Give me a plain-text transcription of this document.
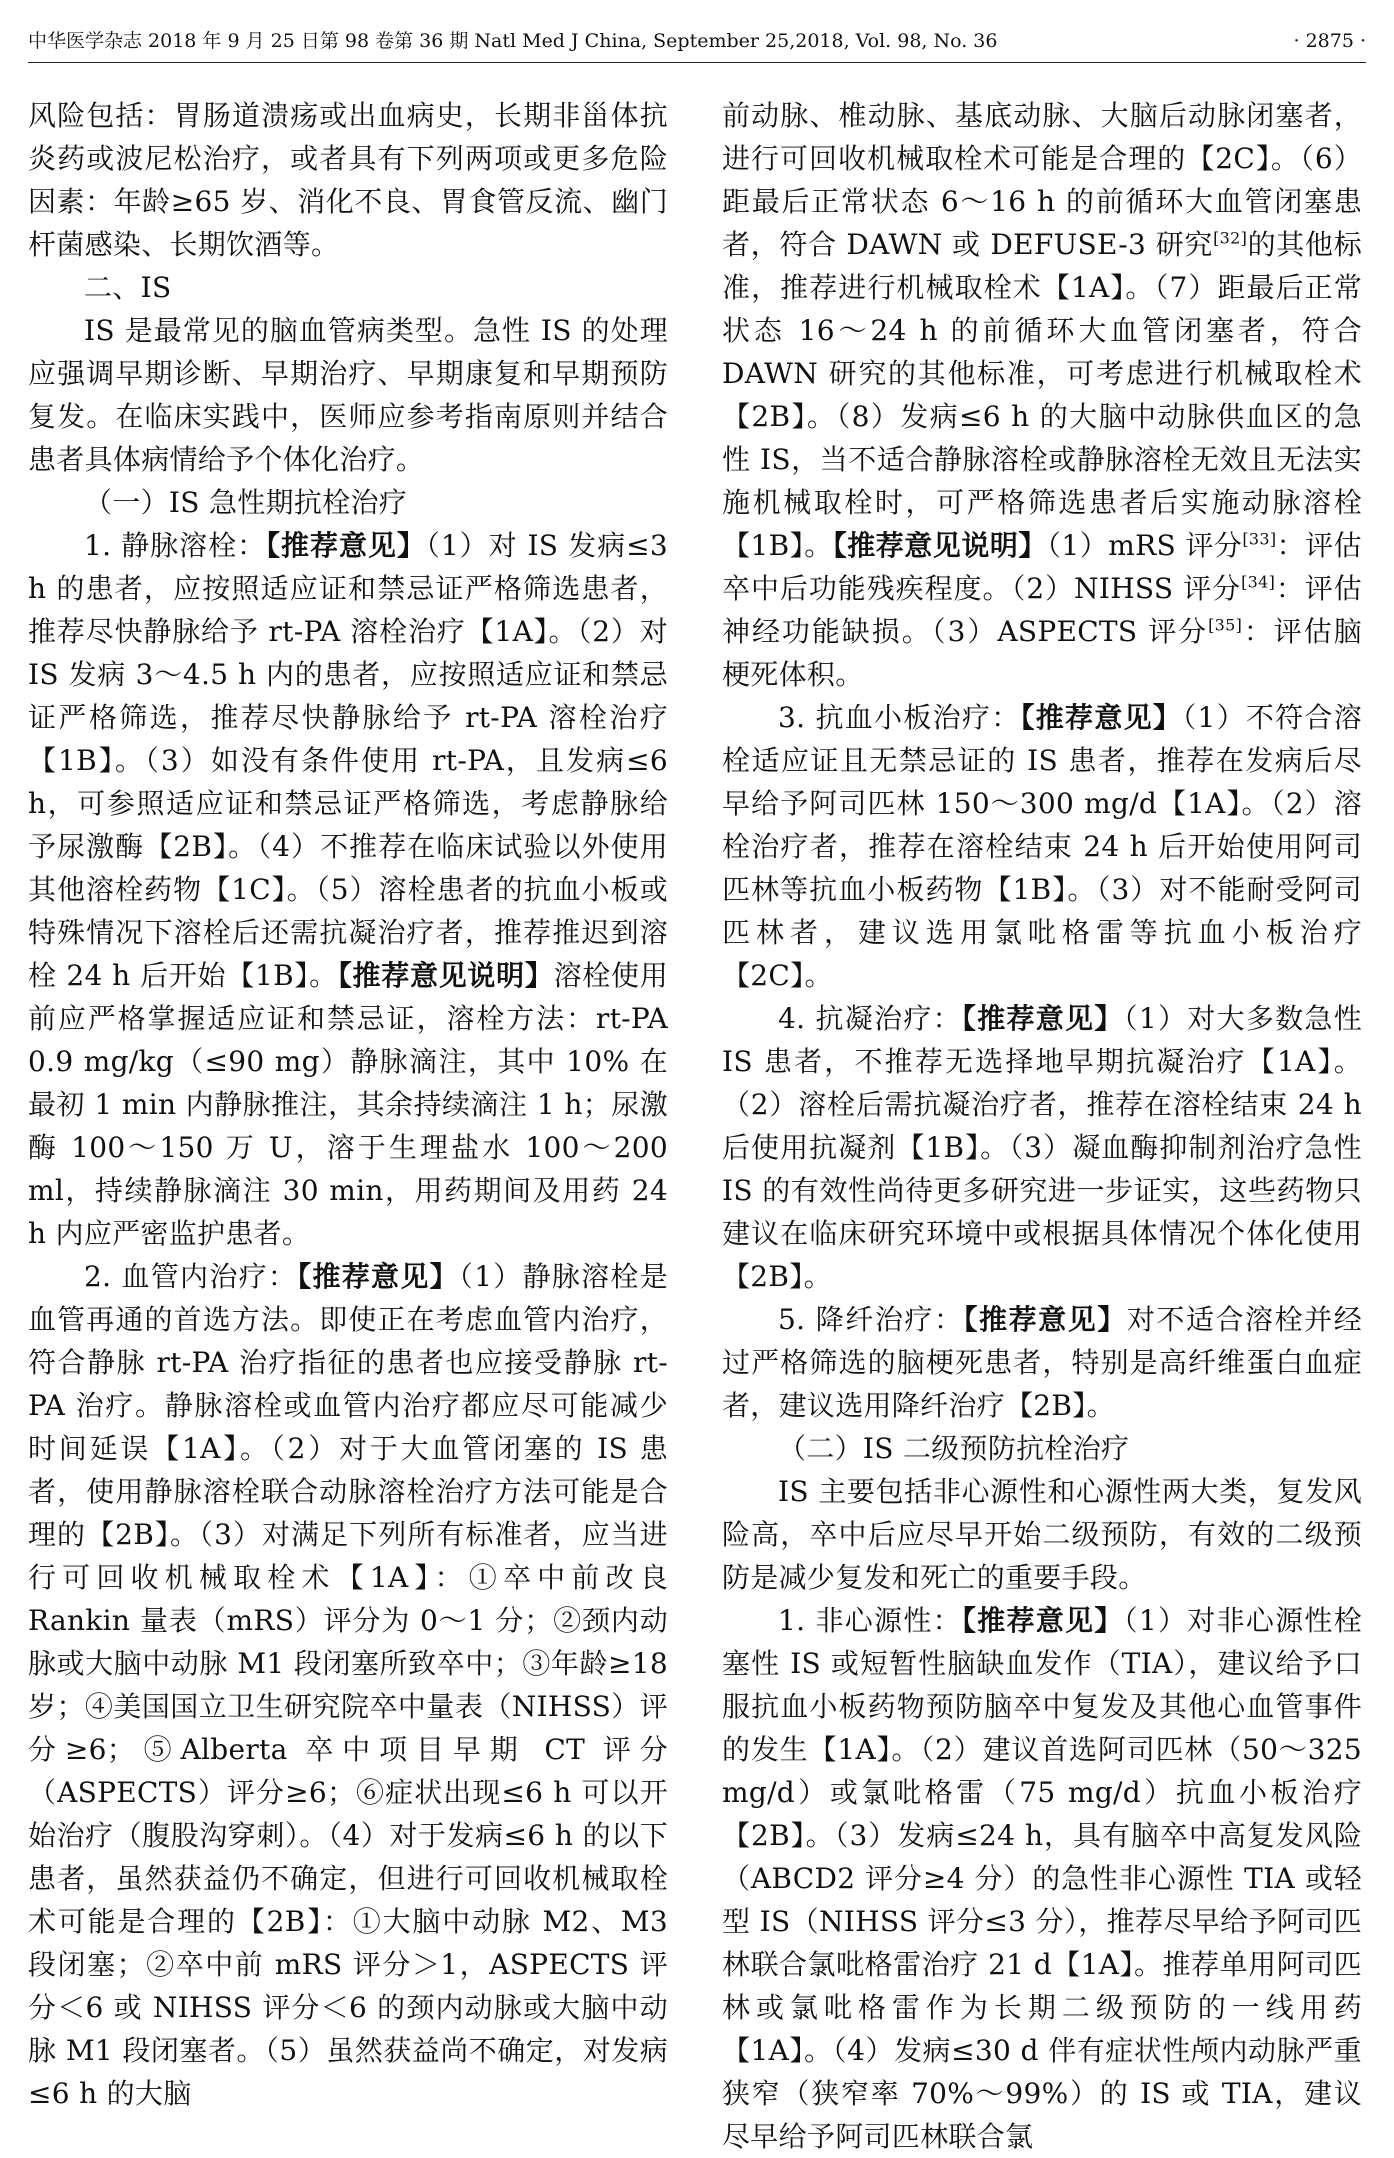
中华医学杂志 2018 年 9 月 25 日第 98 卷第 36 期 Natl Med J China, September 25,2018, Vol. 98, No. 36	· 2875 ·

风险包括：胃肠道溃疡或出血病史，长期非甾体抗炎药或波尼松治疗，或者具有下列两项或更多危险因素：年龄≥65 岁、消化不良、胃食管反流、幽门杆菌感染、长期饮酒等。

二、IS

IS 是最常见的脑血管病类型。急性 IS 的处理应强调早期诊断、早期治疗、早期康复和早期预防复发。在临床实践中，医师应参考指南原则并结合患者具体病情给予个体化治疗。

（一）IS 急性期抗栓治疗

1. 静脉溶栓：【推荐意见】（1）对 IS 发病≤3 h 的患者，应按照适应证和禁忌证严格筛选患者，推荐尽快静脉给予 rt-PA 溶栓治疗【1A】。（2）对 IS 发病 3～4.5 h 内的患者，应按照适应证和禁忌证严格筛选，推荐尽快静脉给予 rt-PA 溶栓治疗【1B】。（3）如没有条件使用 rt-PA，且发病≤6 h，可参照适应证和禁忌证严格筛选，考虑静脉给予尿激酶【2B】。（4）不推荐在临床试验以外使用其他溶栓药物【1C】。（5）溶栓患者的抗血小板或特殊情况下溶栓后还需抗凝治疗者，推荐推迟到溶栓 24 h 后开始【1B】。【推荐意见说明】溶栓使用前应严格掌握适应证和禁忌证，溶栓方法：rt-PA 0.9 mg/kg（≤90 mg）静脉滴注，其中 10% 在最初 1 min 内静脉推注，其余持续滴注 1 h；尿激酶 100～150 万 U，溶于生理盐水 100～200 ml，持续静脉滴注 30 min，用药期间及用药 24 h 内应严密监护患者。

2. 血管内治疗：【推荐意见】（1）静脉溶栓是血管再通的首选方法。即使正在考虑血管内治疗，符合静脉 rt-PA 治疗指征的患者也应接受静脉 rt-PA 治疗。静脉溶栓或血管内治疗都应尽可能减少时间延误【1A】。（2）对于大血管闭塞的 IS 患者，使用静脉溶栓联合动脉溶栓治疗方法可能是合理的【2B】。（3）对满足下列所有标准者，应当进行可回收机械取栓术【1A】：①卒中前改良 Rankin 量表（mRS）评分为 0～1 分；②颈内动脉或大脑中动脉 M1 段闭塞所致卒中；③年龄≥18 岁；④美国国立卫生研究院卒中量表（NIHSS）评分≥6；⑤Alberta 卒中项目早期 CT 评分（ASPECTS）评分≥6；⑥症状出现≤6 h 可以开始治疗（腹股沟穿刺）。（4）对于发病≤6 h 的以下患者，虽然获益仍不确定，但进行可回收机械取栓术可能是合理的【2B】：①大脑中动脉 M2、M3 段闭塞；②卒中前 mRS 评分＞1，ASPECTS 评分＜6 或 NIHSS 评分＜6 的颈内动脉或大脑中动脉 M1 段闭塞者。（5）虽然获益尚不确定，对发病≤6 h 的大脑

前动脉、椎动脉、基底动脉、大脑后动脉闭塞者，进行可回收机械取栓术可能是合理的【2C】。（6）距最后正常状态 6～16 h 的前循环大血管闭塞患者，符合 DAWN 或 DEFUSE-3 研究[32]的其他标准，推荐进行机械取栓术【1A】。（7）距最后正常状态 16～24 h 的前循环大血管闭塞者，符合 DAWN 研究的其他标准，可考虑进行机械取栓术【2B】。（8）发病≤6 h 的大脑中动脉供血区的急性 IS，当不适合静脉溶栓或静脉溶栓无效且无法实施机械取栓时，可严格筛选患者后实施动脉溶栓【1B】。【推荐意见说明】（1）mRS 评分[33]：评估卒中后功能残疾程度。（2）NIHSS 评分[34]：评估神经功能缺损。（3）ASPECTS 评分[35]：评估脑梗死体积。

3. 抗血小板治疗：【推荐意见】（1）不符合溶栓适应证且无禁忌证的 IS 患者，推荐在发病后尽早给予阿司匹林 150～300 mg/d【1A】。（2）溶栓治疗者，推荐在溶栓结束 24 h 后开始使用阿司匹林等抗血小板药物【1B】。（3）对不能耐受阿司匹林者，建议选用氯吡格雷等抗血小板治疗【2C】。

4. 抗凝治疗：【推荐意见】（1）对大多数急性 IS 患者，不推荐无选择地早期抗凝治疗【1A】。（2）溶栓后需抗凝治疗者，推荐在溶栓结束 24 h 后使用抗凝剂【1B】。（3）凝血酶抑制剂治疗急性 IS 的有效性尚待更多研究进一步证实，这些药物只建议在临床研究环境中或根据具体情况个体化使用【2B】。

5. 降纤治疗：【推荐意见】对不适合溶栓并经过严格筛选的脑梗死患者，特别是高纤维蛋白血症者，建议选用降纤治疗【2B】。

（二）IS 二级预防抗栓治疗

IS 主要包括非心源性和心源性两大类，复发风险高，卒中后应尽早开始二级预防，有效的二级预防是减少复发和死亡的重要手段。

1. 非心源性：【推荐意见】（1）对非心源性栓塞性 IS 或短暂性脑缺血发作（TIA），建议给予口服抗血小板药物预防脑卒中复发及其他心血管事件的发生【1A】。（2）建议首选阿司匹林（50～325 mg/d）或氯吡格雷（75 mg/d）抗血小板治疗【2B】。（3）发病≤24 h，具有脑卒中高复发风险（ABCD2 评分≥4 分）的急性非心源性 TIA 或轻型 IS（NIHSS 评分≤3 分），推荐尽早给予阿司匹林联合氯吡格雷治疗 21 d【1A】。推荐单用阿司匹林或氯吡格雷作为长期二级预防的一线用药【1A】。（4）发病≤30 d 伴有症状性颅内动脉严重狭窄（狭窄率 70%～99%）的 IS 或 TIA，建议尽早给予阿司匹林联合氯
